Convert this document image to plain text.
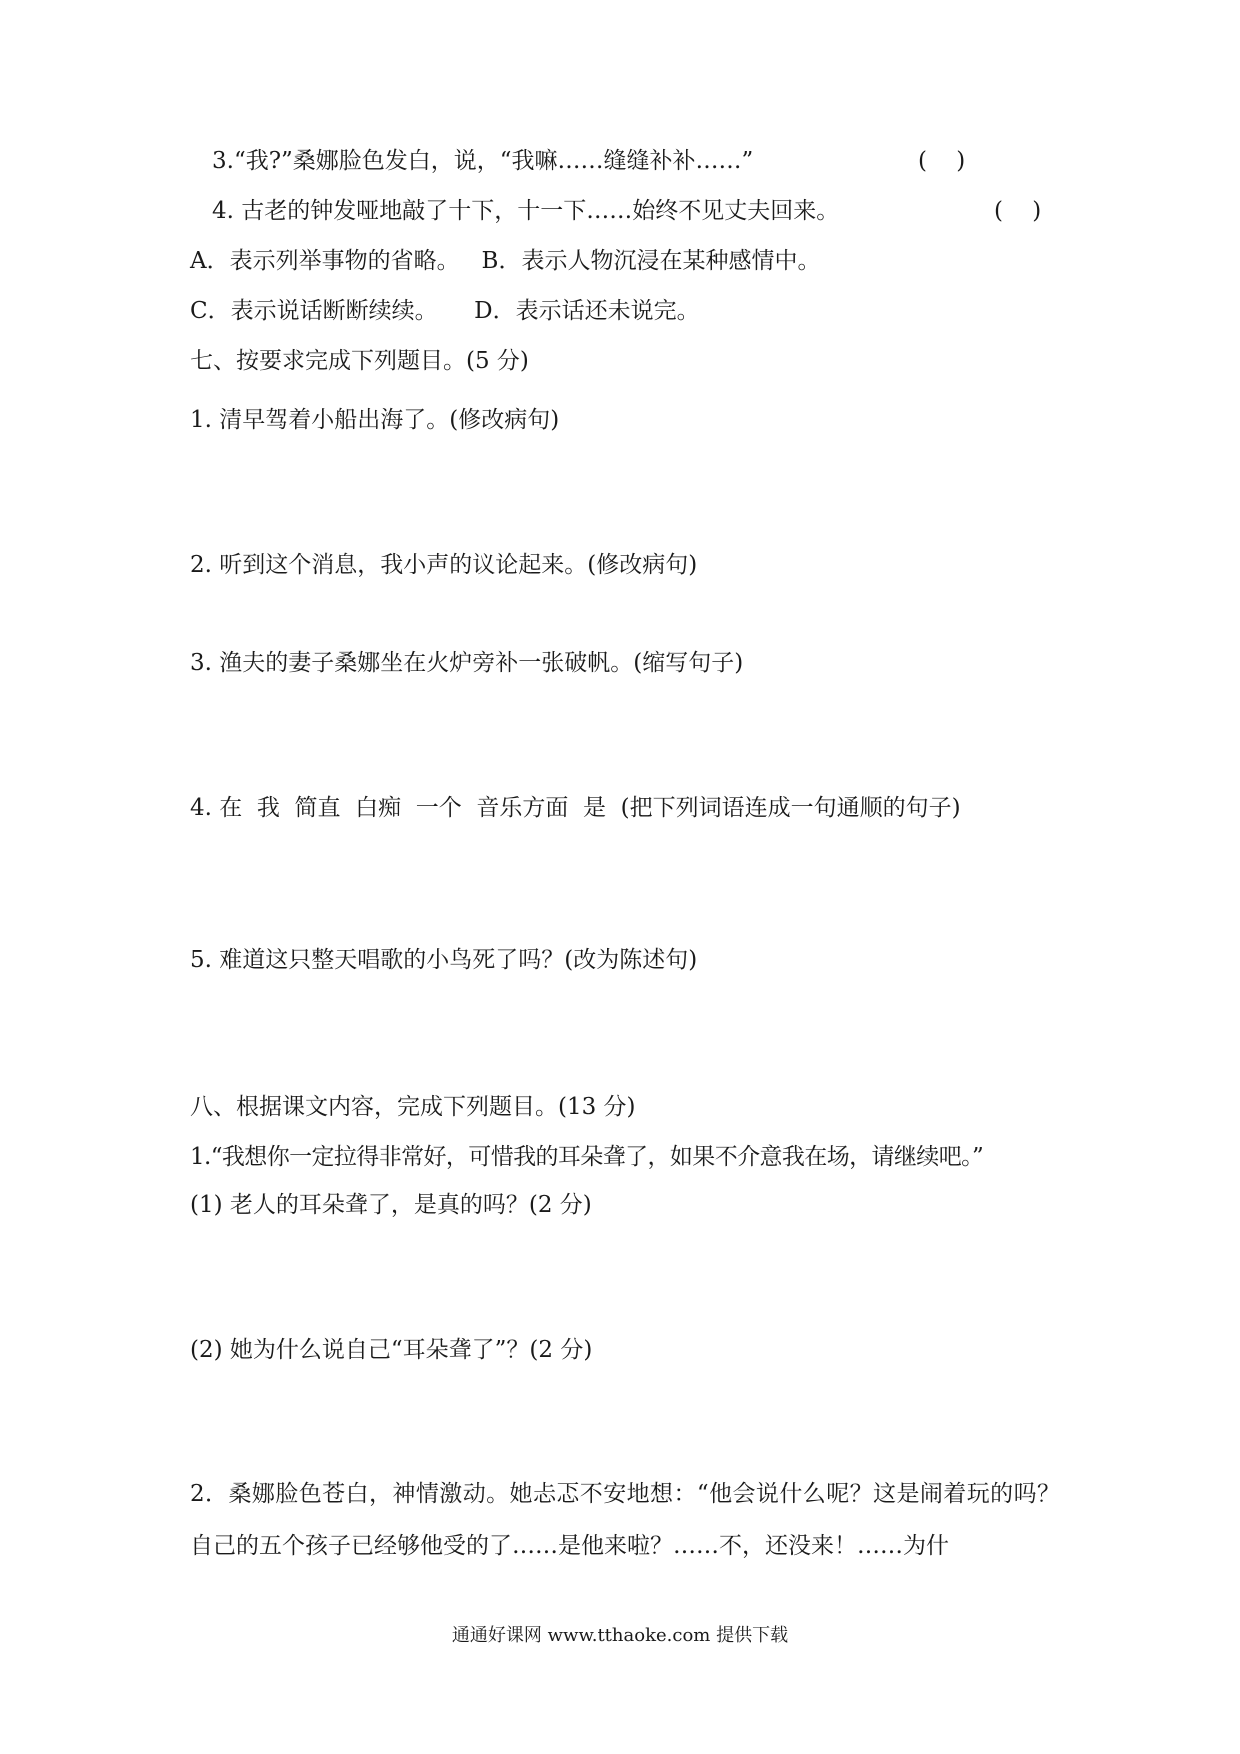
3.“我?”桑娜脸色发白，说，“我嘛……缝缝补补……”	(    )
4. 古老的钟发哑地敲了十下，十一下……始终不见丈夫回来。	(    )
A．表示列举事物的省略。   B．表示人物沉浸在某种感情中。
C．表示说话断断续续。     D．表示话还未说完。
七、按要求完成下列题目。(5 分)
1. 清早驾着小船出海了。(修改病句)
2. 听到这个消息，我小声的议论起来。(修改病句)
3. 渔夫的妻子桑娜坐在火炉旁补一张破帆。(缩写句子)
4. 在  我  简直  白痴  一个  音乐方面  是  (把下列词语连成一句通顺的句子)
5. 难道这只整天唱歌的小鸟死了吗？(改为陈述句)
八、根据课文内容，完成下列题目。(13 分)
1.“我想你一定拉得非常好，可惜我的耳朵聋了，如果不介意我在场，请继续吧。”
(1) 老人的耳朵聋了，是真的吗？(2 分)
(2) 她为什么说自己“耳朵聋了”？(2 分)
2．桑娜脸色苍白，神情激动。她忐忑不安地想：“他会说什么呢？这是闹着玩的吗？自己的五个孩子已经够他受的了……是他来啦？……不，还没来！……为什
通通好课网 www.tthaoke.com 提供下载
